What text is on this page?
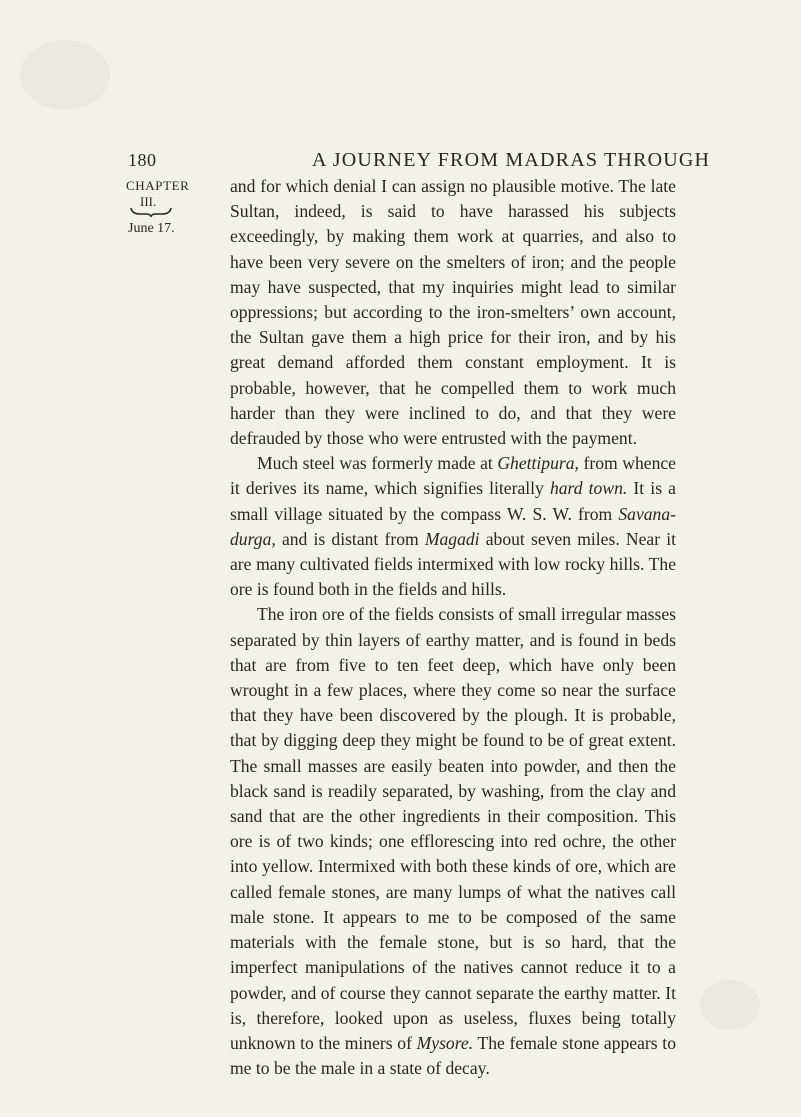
180	A JOURNEY FROM MADRAS THROUGH
CHAPTER
III.
June 17.

and for which denial I can assign no plausible motive. The late Sultan, indeed, is said to have harassed his subjects exceedingly, by making them work at quarries, and also to have been very severe on the smelters of iron; and the people may have suspected, that my inquiries might lead to similar oppressions; but according to the iron-smelters’ own account, the Sultan gave them a high price for their iron, and by his great demand afforded them constant employment. It is probable, however, that he compelled them to work much harder than they were inclined to do, and that they were defrauded by those who were entrusted with the payment.

Much steel was formerly made at Ghettipura, from whence it derives its name, which signifies literally hard town. It is a small village situated by the compass W. S. W. from Savana-durga, and is distant from Magadi about seven miles. Near it are many cultivated fields intermixed with low rocky hills. The ore is found both in the fields and hills.

The iron ore of the fields consists of small irregular masses separated by thin layers of earthy matter, and is found in beds that are from five to ten feet deep, which have only been wrought in a few places, where they come so near the surface that they have been discovered by the plough. It is probable, that by digging deep they might be found to be of great extent. The small masses are easily beaten into powder, and then the black sand is readily separated, by washing, from the clay and sand that are the other ingredients in their composition. This ore is of two kinds; one efflorescing into red ochre, the other into yellow. Intermixed with both these kinds of ore, which are called female stones, are many lumps of what the natives call male stone. It appears to me to be composed of the same materials with the female stone, but is so hard, that the imperfect manipulations of the natives cannot reduce it to a powder, and of course they cannot separate the earthy matter. It is, therefore, looked upon as useless, fluxes being totally unknown to the miners of Mysore. The female stone appears to me to be the male in a state of decay.
